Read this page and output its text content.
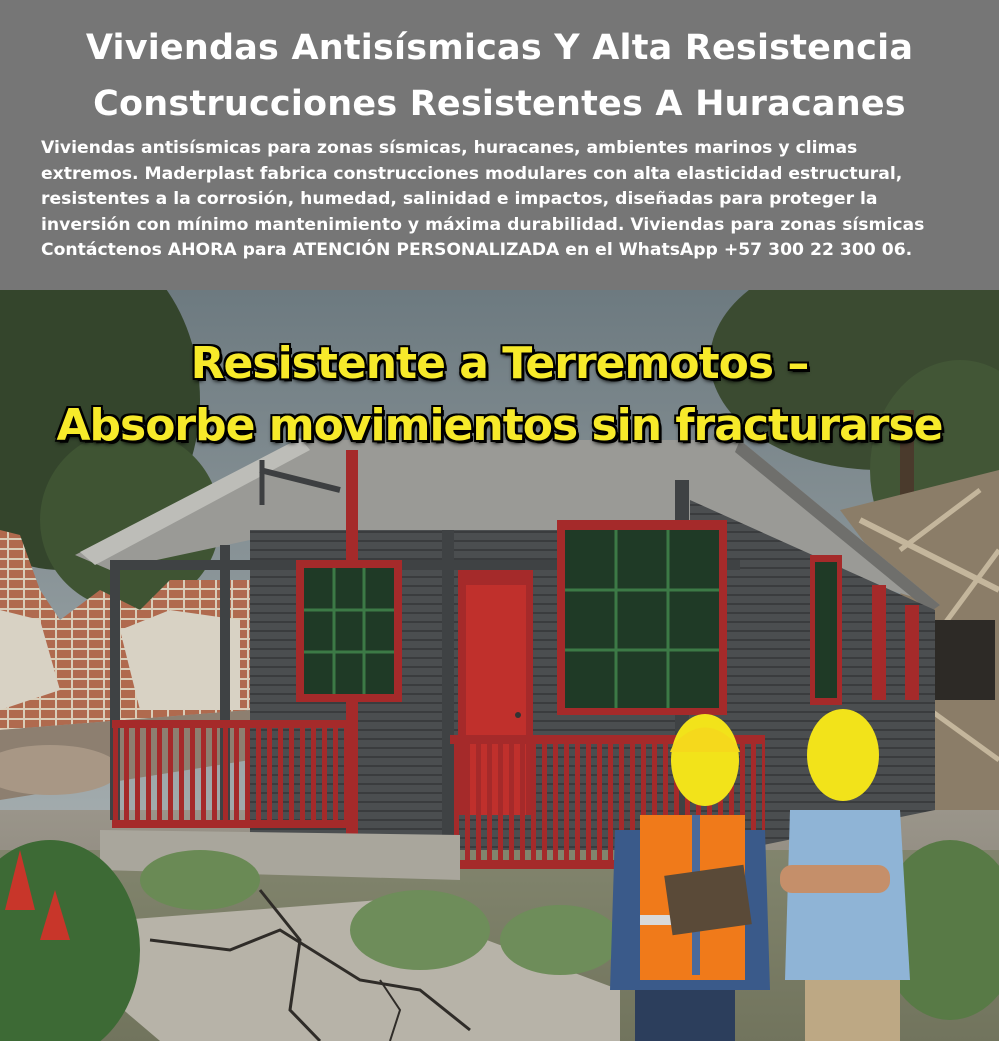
Viviendas Antisísmicas Y Alta Resistencia
Construcciones Resistentes A Huracanes
Viviendas antisísmicas para zonas sísmicas, huracanes, ambientes marinos y climas
extremos. Maderplast fabrica construcciones modulares con alta elasticidad estructural,
resistentes a la corrosión, humedad, salinidad e impactos, diseñadas para proteger la
inversión con mínimo mantenimiento y máxima durabilidad. Viviendas para zonas sísmicas
Contáctenos AHORA para ATENCIÓN PERSONALIZADA en el WhatsApp +57 300 22 300 06.
Resistente a Terremotos –
Absorbe movimientos sin fracturarse
